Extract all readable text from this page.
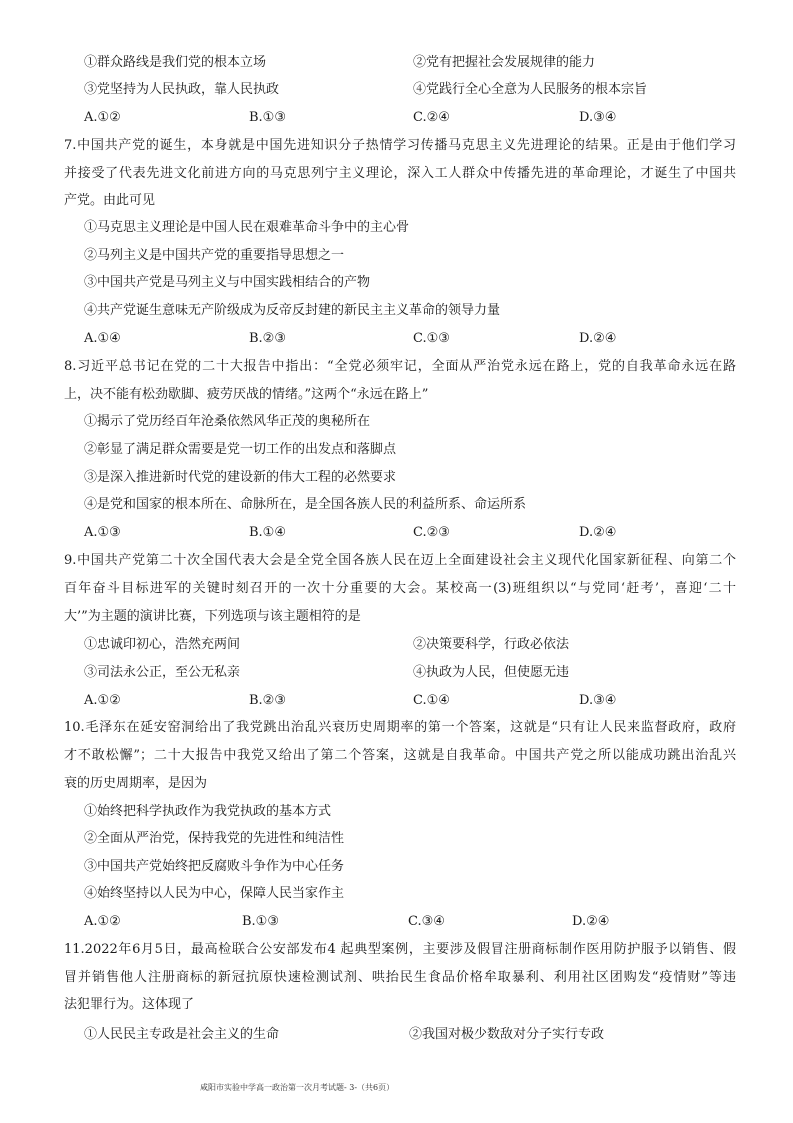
①群众路线是我们党的根本立场	②党有把握社会发展规律的能力
③党坚持为人民执政，靠人民执政	④党践行全心全意为人民服务的根本宗旨
A.①②	B.①③	C.②④	D.③④
7.中国共产党的诞生，本身就是中国先进知识分子热情学习传播马克思主义先进理论的结果。正是由于他们学习
并接受了代表先进文化前进方向的马克思列宁主义理论，深入工人群众中传播先进的革命理论，才诞生了中国共
产党。由此可见
①马克思主义理论是中国人民在艰难革命斗争中的主心骨
②马列主义是中国共产党的重要指导思想之一
③中国共产党是马列主义与中国实践相结合的产物
④共产党诞生意味无产阶级成为反帝反封建的新民主主义革命的领导力量
A.①④	B.②③	C.①③	D.②④
8.习近平总书记在党的二十大报告中指出：“全党必须牢记，全面从严治党永远在路上，党的自我革命永远在路
上，决不能有松劲歇脚、疲劳厌战的情绪。”这两个“永远在路上”
①揭示了党历经百年沧桑依然风华正茂的奥秘所在
②彰显了满足群众需要是党一切工作的出发点和落脚点
③是深入推进新时代党的建设新的伟大工程的必然要求
④是党和国家的根本所在、命脉所在，是全国各族人民的利益所系、命运所系
A.①③	B.①④	C.②③	D.②④
9.中国共产党第二十次全国代表大会是全党全国各族人民在迈上全面建设社会主义现代化国家新征程、向第二个
百年奋斗目标进军的关键时刻召开的一次十分重要的大会。某校高一(3)班组织以“与党同‘赶考’，喜迎‘二十
大’”为主题的演讲比赛，下列选项与该主题相符的是
①忠诚印初心，浩然充两间	②决策要科学，行政必依法
③司法永公正，至公无私亲	④执政为人民，但使愿无违
A.①②	B.②③	C.①④	D.③④
10.毛泽东在延安窑洞给出了我党跳出治乱兴衰历史周期率的第一个答案，这就是“只有让人民来监督政府，政府
才不敢松懈”；二十大报告中我党又给出了第二个答案，这就是自我革命。中国共产党之所以能成功跳出治乱兴
衰的历史周期率，是因为
①始终把科学执政作为我党执政的基本方式
②全面从严治党，保持我党的先进性和纯洁性
③中国共产党始终把反腐败斗争作为中心任务
④始终坚持以人民为中心，保障人民当家作主
A.①②	B.①③	C.③④	D.②④
11.2022年6月5日，最高检联合公安部发布4 起典型案例，主要涉及假冒注册商标制作医用防护服予以销售、假
冒并销售他人注册商标的新冠抗原快速检测试剂、哄抬民生食品价格牟取暴利、利用社区团购发“疫情财”等违
法犯罪行为。这体现了
①人民民主专政是社会主义的生命	②我国对极少数敌对分子实行专政
咸阳市实验中学高一政治第一次月考试题- 3-（共6页）
